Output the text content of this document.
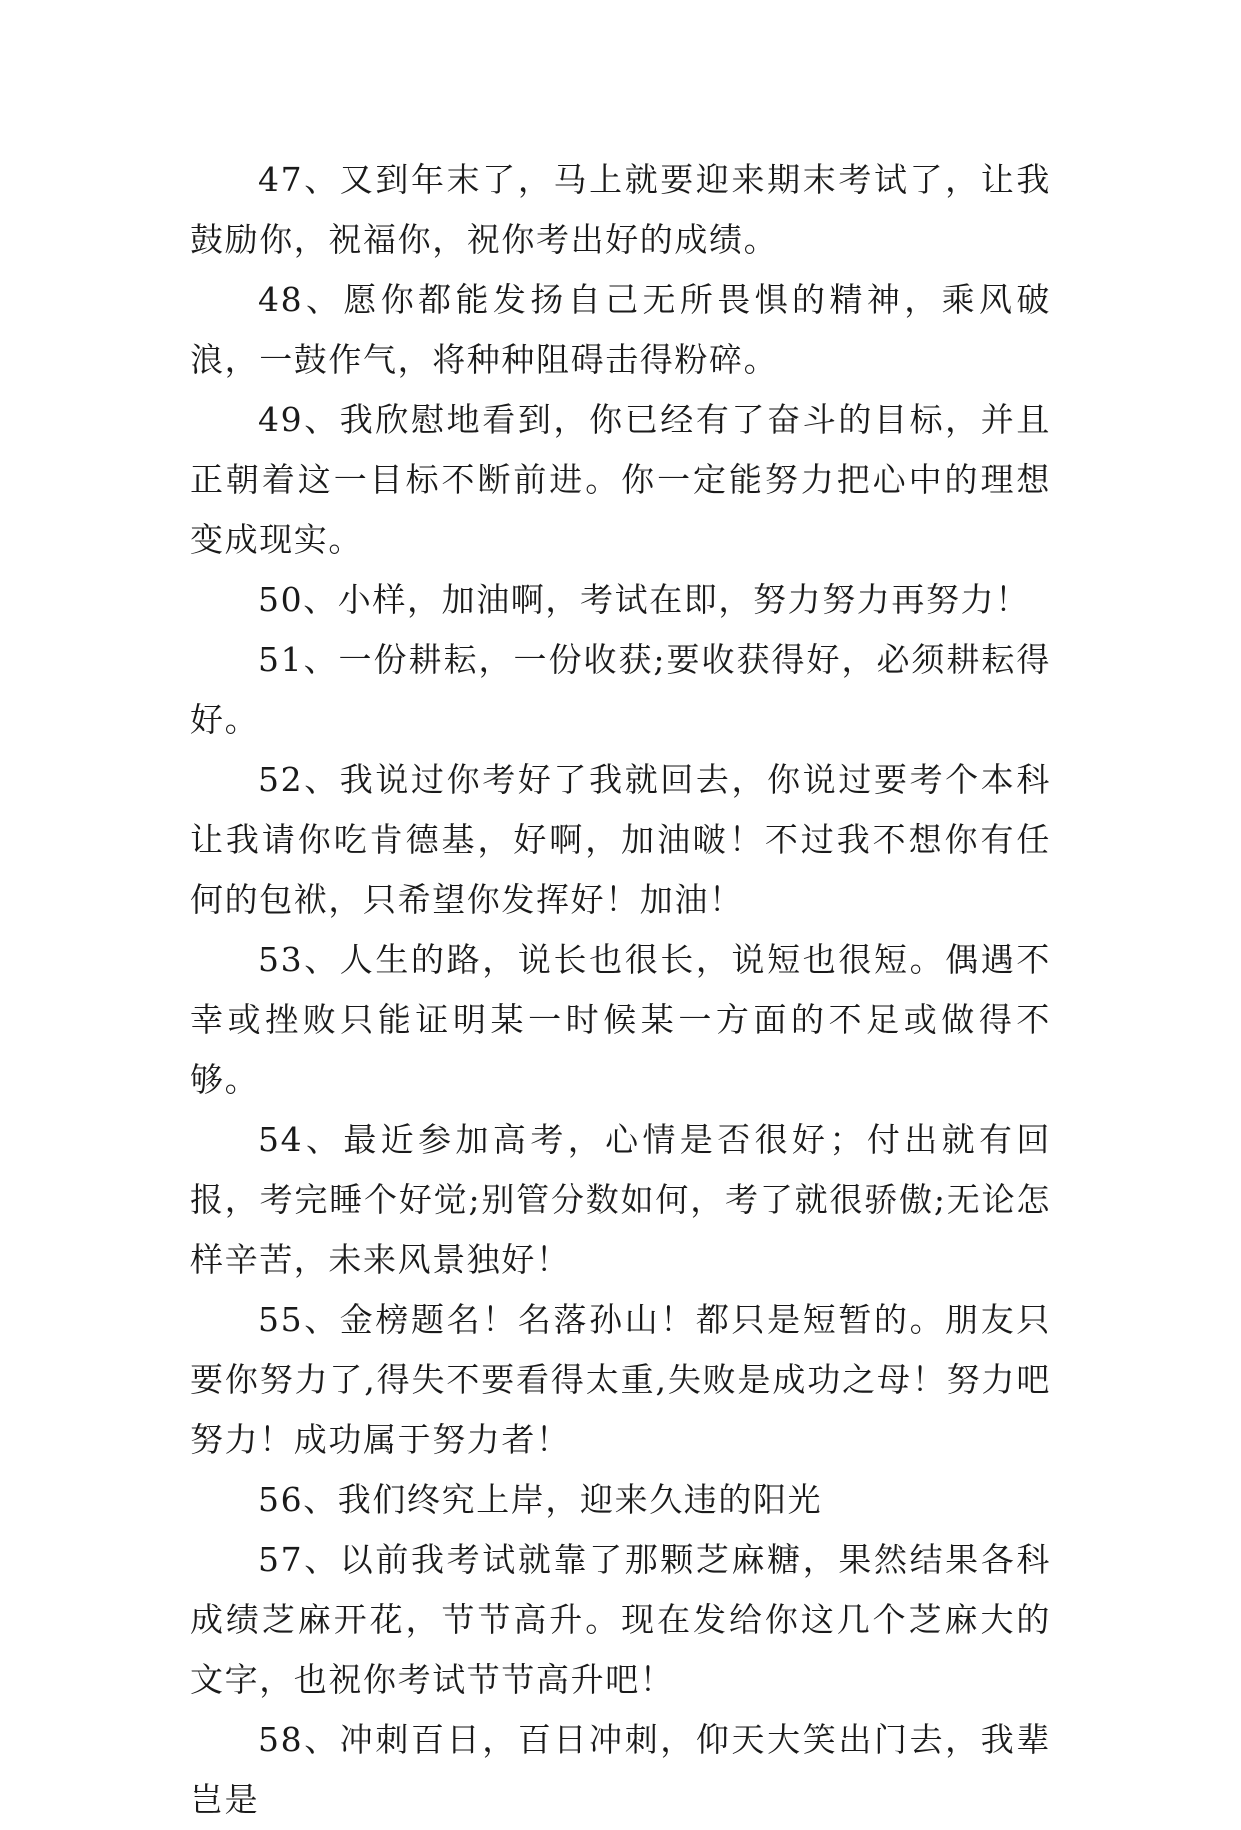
47、又到年末了，马上就要迎来期末考试了，让我鼓励你，祝福你，祝你考出好的成绩。

48、愿你都能发扬自己无所畏惧的精神，乘风破浪，一鼓作气，将种种阻碍击得粉碎。

49、我欣慰地看到，你已经有了奋斗的目标，并且正朝着这一目标不断前进。你一定能努力把心中的理想变成现实。

50、小样，加油啊，考试在即，努力努力再努力！

51、一份耕耘，一份收获;要收获得好，必须耕耘得好。

52、我说过你考好了我就回去，你说过要考个本科让我请你吃肯德基，好啊，加油啵！不过我不想你有任何的包袱，只希望你发挥好！加油！

53、人生的路，说长也很长，说短也很短。偶遇不幸或挫败只能证明某一时候某一方面的不足或做得不够。

54、最近参加高考，心情是否很好；付出就有回报，考完睡个好觉;别管分数如何，考了就很骄傲;无论怎样辛苦，未来风景独好！

55、金榜题名！名落孙山！都只是短暂的。朋友只要你努力了,得失不要看得太重,失败是成功之母！努力吧努力！成功属于努力者！

56、我们终究上岸，迎来久违的阳光

57、以前我考试就靠了那颗芝麻糖，果然结果各科成绩芝麻开花，节节高升。现在发给你这几个芝麻大的文字，也祝你考试节节高升吧！

58、冲刺百日，百日冲刺，仰天大笑出门去，我辈岂是
